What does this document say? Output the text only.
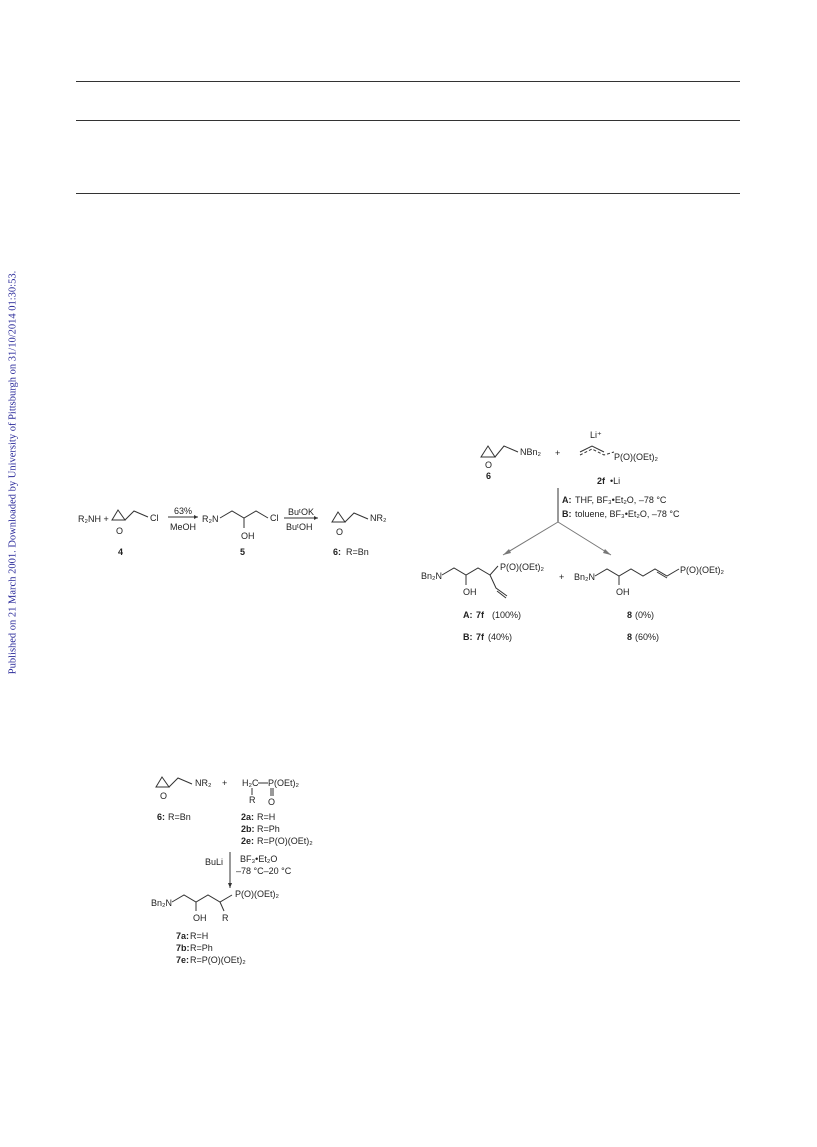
Published on 21 March 2001. Downloaded by University of Pittsburgh on 31/10/2014 01:30:53.	R₂NH +	Cl
O
63%
MeOH
R₂N
OH
Cl
BuᵗOK
BuᵗOH
NR₂
O
4	5	6: R=Bn
O
NBn₂ +
Li⁺
P(O)(OEt)₂
6	2f •Li
A: THF, BF₃•Et₂O, –78 °C
B: toluene, BF₃•Et₂O, –78 °C
Bn₂N
OH
P(O)(OEt)₂
+ Bn₂N
OH
P(O)(OEt)₂
A: 7f (100%)
B: 7f (40%)
8 (0%)
8 (60%)
NR₂
O
+ H₂C P(OEt)₂
R O
6: R=Bn	2a: R=H
2b: R=Ph
2e: R=P(O)(OEt)₂
BuLi BF₃•Et₂O
–78 °C–20 °C
Bn₂N
OH R
P(O)(OEt)₂
7a: R=H
7b: R=Ph
7e: R=P(O)(OEt)₂
